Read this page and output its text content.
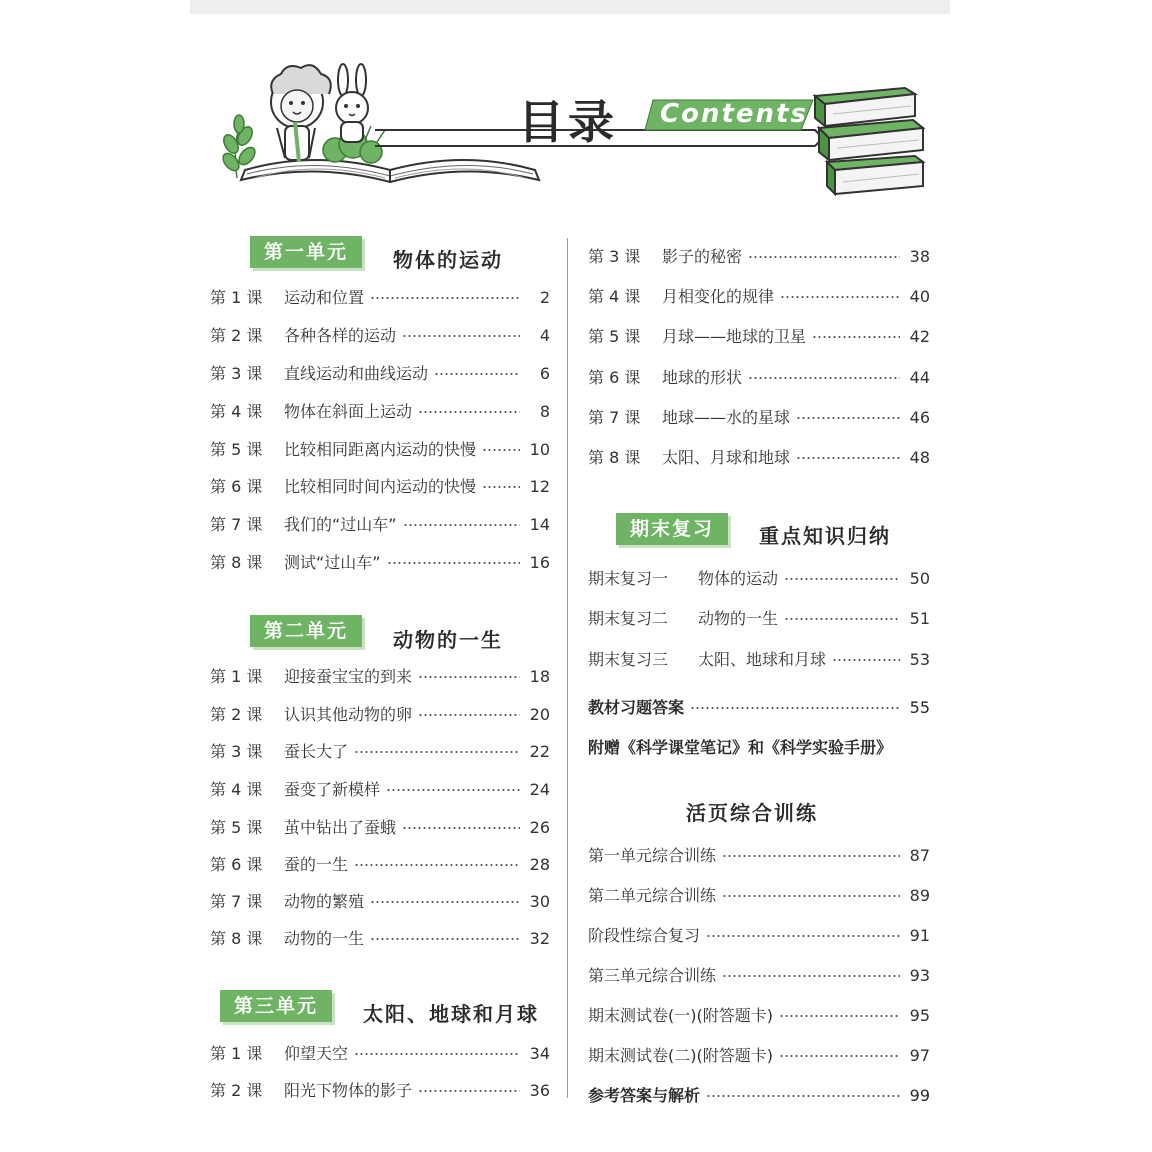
目录 Contents
第一单元	物体的运动
第 1 课	运动和位置	2
第 2 课	各种各样的运动	4
第 3 课	直线运动和曲线运动	6
第 4 课	物体在斜面上运动	8
第 5 课	比较相同距离内运动的快慢	10
第 6 课	比较相同时间内运动的快慢	12
第 7 课	我们的“过山车”	14
第 8 课	测试“过山车”	16
第二单元	动物的一生
第 1 课	迎接蚕宝宝的到来	18
第 2 课	认识其他动物的卵	20
第 3 课	蚕长大了	22
第 4 课	蚕变了新模样	24
第 5 课	茧中钻出了蚕蛾	26
第 6 课	蚕的一生	28
第 7 课	动物的繁殖	30
第 8 课	动物的一生	32
第三单元	太阳、地球和月球
第 1 课	仰望天空	34
第 2 课	阳光下物体的影子	36
第 3 课	影子的秘密	38
第 4 课	月相变化的规律	40
第 5 课	月球——地球的卫星	42
第 6 课	地球的形状	44
第 7 课	地球——水的星球	46
第 8 课	太阳、月球和地球	48
期末复习	重点知识归纳
期末复习一	物体的运动	50
期末复习二	动物的一生	51
期末复习三	太阳、地球和月球	53
教材习题答案	55
附赠《科学课堂笔记》和《科学实验手册》
活页综合训练
第一单元综合训练	87
第二单元综合训练	89
阶段性综合复习	91
第三单元综合训练	93
期末测试卷(一)(附答题卡)	95
期末测试卷(二)(附答题卡)	97
参考答案与解析	99
